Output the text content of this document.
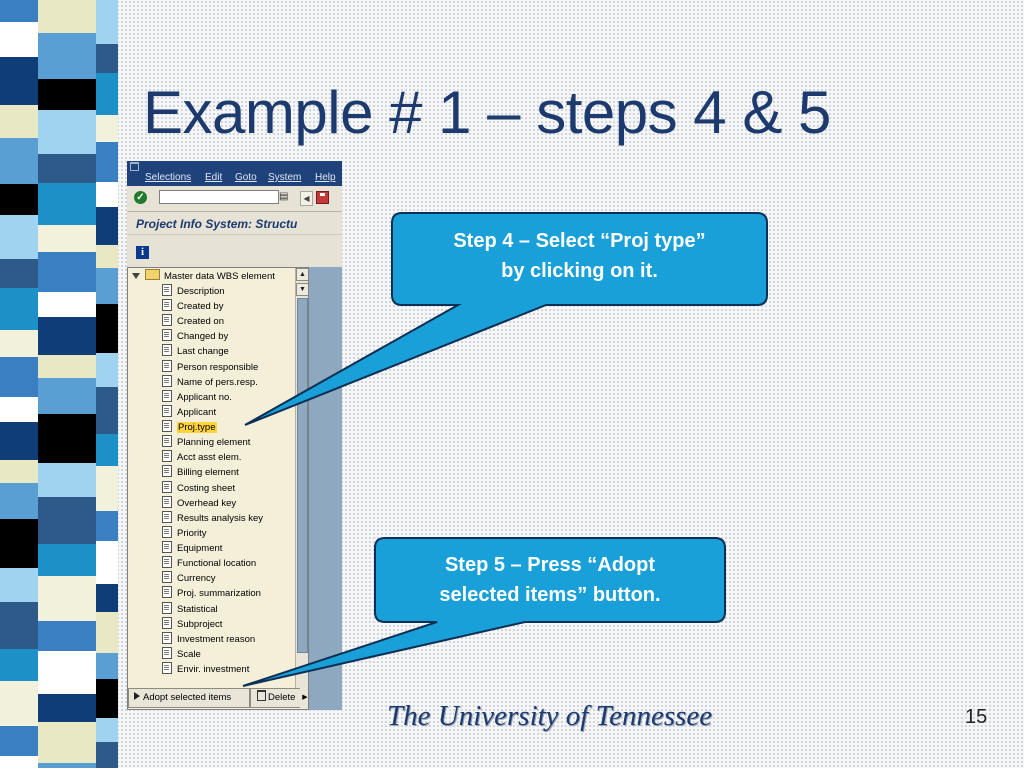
Example # 1 – steps 4 & 5
Selections Edit Goto System Help
✓	▤	◀
Project Info System: Structu
i
Master data WBS element
Description
Created by
Created on
Changed by
Last change
Person responsible
Name of pers.resp.
Applicant no.
Applicant
Proj.type
Planning element
Acct asst elem.
Billing element
Costing sheet
Overhead key
Results analysis key
Priority
Equipment
Functional location
Currency
Proj. summarization
Statistical
Subproject
Investment reason
Scale
Envir. investment
▲
▼
Adopt selected items	Delete ▶
Step 4 – Select “Proj type”
by clicking on it.
Step 5 – Press “Adopt
selected items” button.

The University of Tennessee	15
